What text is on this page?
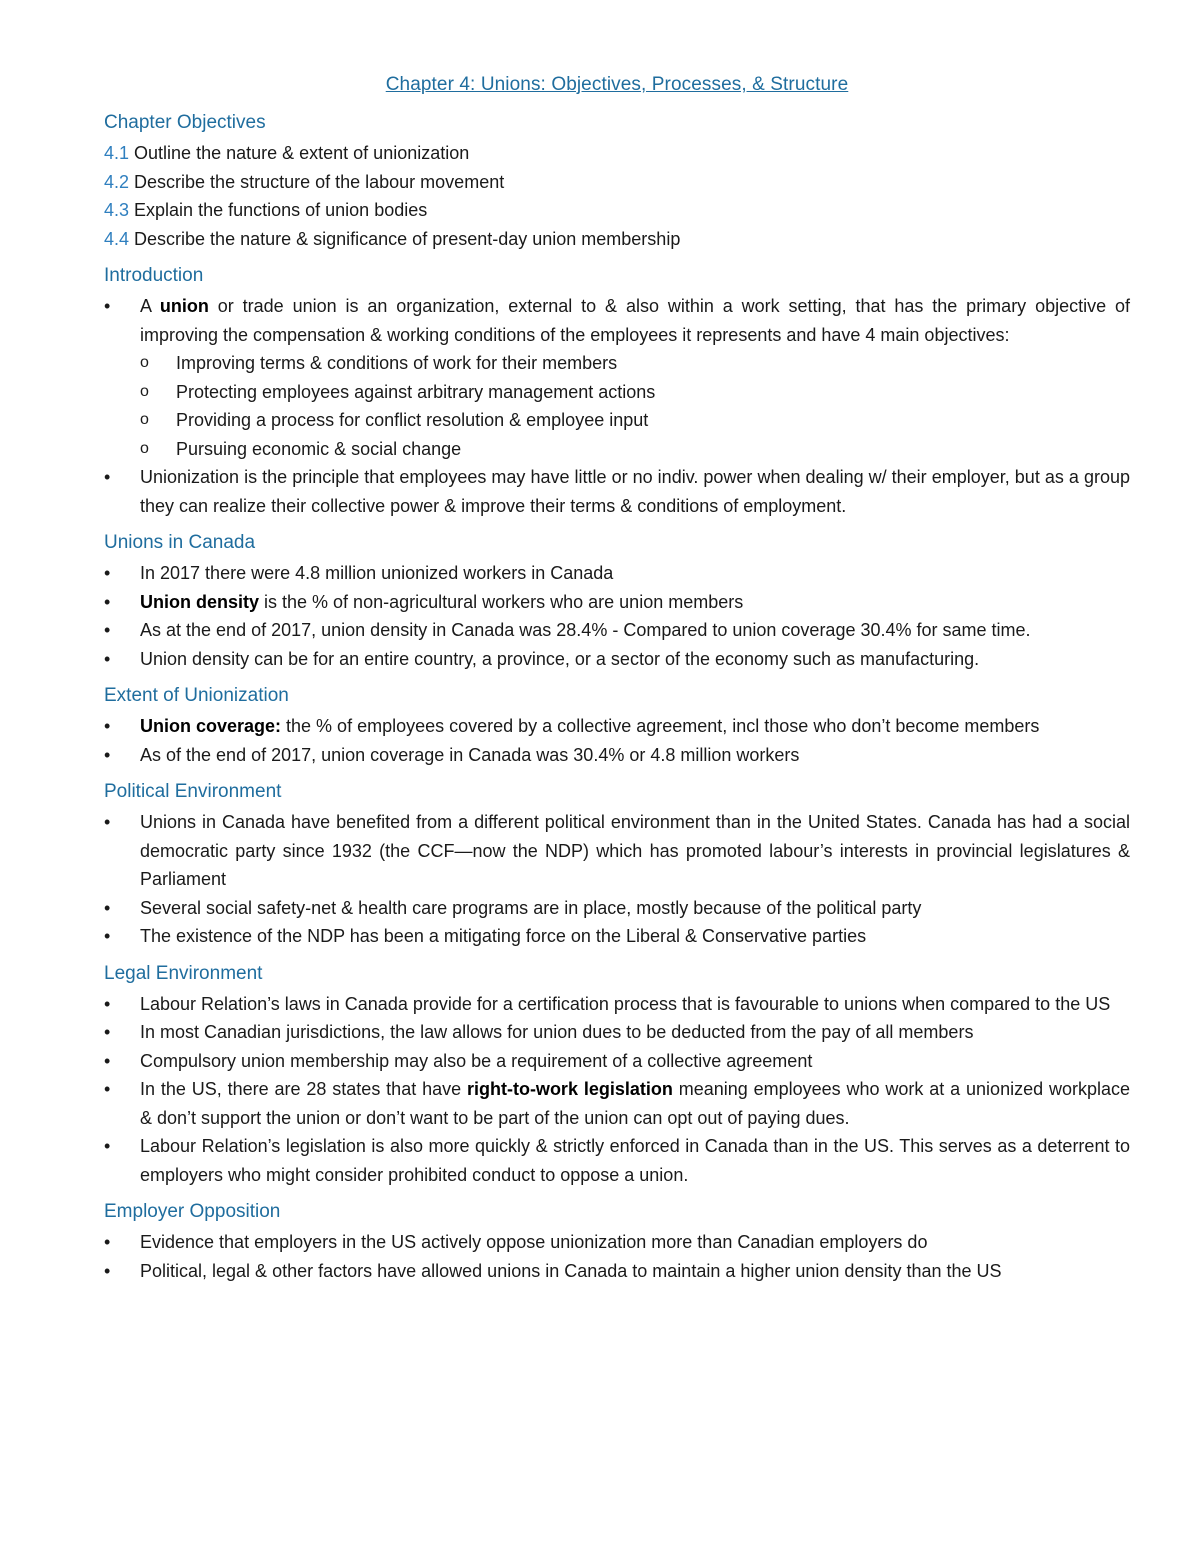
Chapter 4: Unions: Objectives, Processes, & Structure
Chapter Objectives

4.1 Outline the nature & extent of unionization

4.2 Describe the structure of the labour movement

4.3 Explain the functions of union bodies

4.4 Describe the nature & significance of present-day union membership

Introduction
• A union or trade union is an organization, external to & also within a work setting, that has the primary objective of improving the compensation & working conditions of the employees it represents and have 4 main objectives:
o Improving terms & conditions of work for their members
o Protecting employees against arbitrary management actions
o Providing a process for conflict resolution & employee input
o Pursuing economic & social change
• Unionization is the principle that employees may have little or no indiv. power when dealing w/ their employer, but as a group they can realize their collective power & improve their terms & conditions of employment.
Unions in Canada
• In 2017 there were 4.8 million unionized workers in Canada
• Union density is the % of non-agricultural workers who are union members
• As at the end of 2017, union density in Canada was 28.4% - Compared to union coverage 30.4% for same time.
• Union density can be for an entire country, a province, or a sector of the economy such as manufacturing.
Extent of Unionization
• Union coverage: the % of employees covered by a collective agreement, incl those who don’t become members
• As of the end of 2017, union coverage in Canada was 30.4% or 4.8 million workers
Political Environment
• Unions in Canada have benefited from a different political environment than in the United States. Canada has had a social democratic party since 1932 (the CCF—now the NDP) which has promoted labour’s interests in provincial legislatures & Parliament
• Several social safety-net & health care programs are in place, mostly because of the political party
• The existence of the NDP has been a mitigating force on the Liberal & Conservative parties
Legal Environment
• Labour Relation’s laws in Canada provide for a certification process that is favourable to unions when compared to the US
• In most Canadian jurisdictions, the law allows for union dues to be deducted from the pay of all members
• Compulsory union membership may also be a requirement of a collective agreement
• In the US, there are 28 states that have right-to-work legislation meaning employees who work at a unionized workplace & don’t support the union or don’t want to be part of the union can opt out of paying dues.
• Labour Relation’s legislation is also more quickly & strictly enforced in Canada than in the US. This serves as a deterrent to employers who might consider prohibited conduct to oppose a union.
Employer Opposition
• Evidence that employers in the US actively oppose unionization more than Canadian employers do
• Political, legal & other factors have allowed unions in Canada to maintain a higher union density than the US
